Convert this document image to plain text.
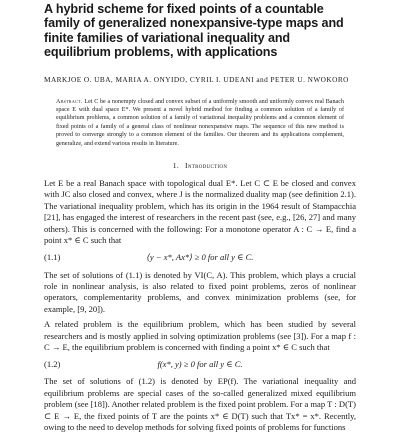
A hybrid scheme for fixed points of a countable family of generalized nonexpansive-type maps and finite families of variational inequality and equilibrium problems, with applications
MARKJOE O. UBA, MARIA A. ONYIDO, CYRIL I. UDEANI and PETER U. NWOKORO
Abstract. Let C be a nonempty closed and convex subset of a uniformly smooth and uniformly convex real Banach space E with dual space E*. We present a novel hybrid method for finding a common solution of a family of equilibrium problems, a common solution of a family of variational inequality problems and a common element of fixed points of a family of a general class of nonlinear nonexpansive maps. The sequence of this new method is proved to converge strongly to a common element of the families. Our theorem and its applications complement, generalize, and extend various results in literature.
1. Introduction

Let E be a real Banach space with topological dual E*. Let C ⊂ E be closed and convex with JC also closed and convex, where J is the normalized duality map (see definition 2.1). The variational inequality problem, which has its origin in the 1964 result of Stampacchia [21], has engaged the interest of researchers in the recent past (see, e.g., [26, 27] and many others). This is concerned with the following: For a monotone operator A : C → E, find a point x* ∈ C such that

(1.1)	⟨y − x*, Ax*⟩ ≥ 0 for all y ∈ C.

The set of solutions of (1.1) is denoted by VI(C, A). This problem, which plays a crucial role in nonlinear analysis, is also related to fixed point problems, zeros of nonlinear operators, complementarity problems, and convex minimization problems (see, for example, [9, 20]).

A related problem is the equilibrium problem, which has been studied by several researchers and is mostly applied in solving optimization problems (see [3]). For a map f : C → E, the equilibrium problem is concerned with finding a point x* ∈ C such that

(1.2)	f(x*, y) ≥ 0 for all y ∈ C.

The set of solutions of (1.2) is denoted by EP(f). The variational inequality and equilibrium problems are special cases of the so-called generalized mixed equilibrium problem (see [18]). Another related problem is the fixed point problem. For a map T : D(T) ⊂ E → E, the fixed points of T are the points x* ∈ D(T) such that Tx* = x*. Recently, owing to the need to develop methods for solving fixed points of problems for functions
